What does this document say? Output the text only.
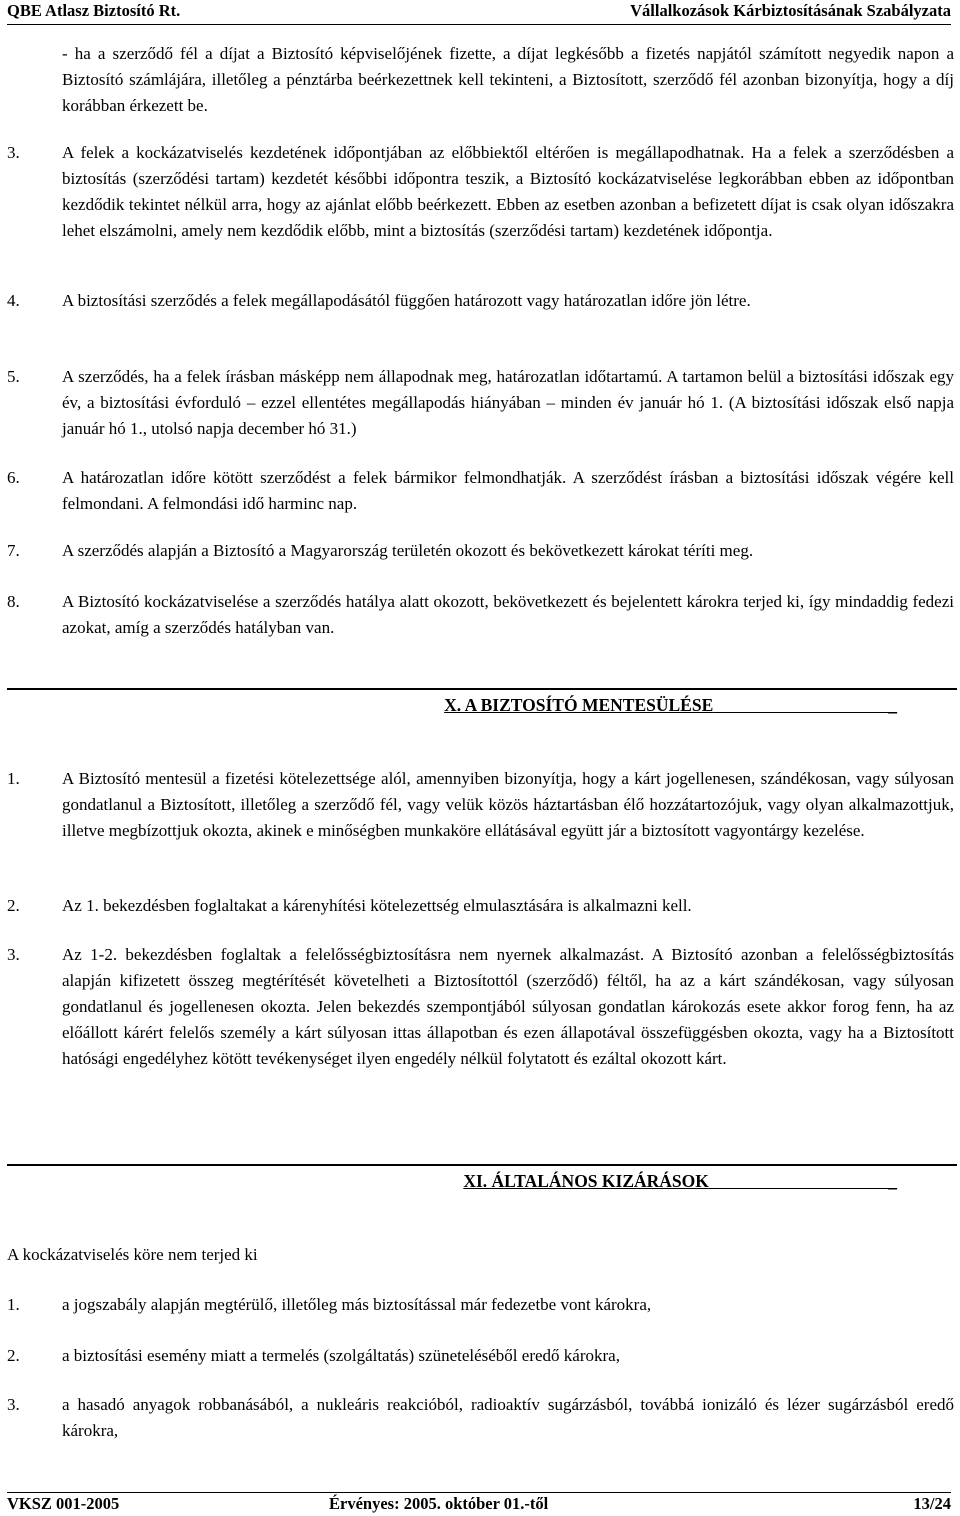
QBE Atlasz Biztosító Rt.	Vállalkozások Kárbiztosításának Szabályzata
- ha a szerződő fél a díjat a Biztosító képviselőjének fizette, a díjat legkésőbb a fizetés napjától számított negyedik napon a Biztosító számlájára, illetőleg a pénztárba beérkezettnek kell tekinteni, a Biztosított, szerződő fél azonban bizonyítja, hogy a díj korábban érkezett be.
3. A felek a kockázatviselés kezdetének időpontjában az előbbiektől eltérően is megállapodhatnak. Ha a felek a szerződésben a biztosítás (szerződési tartam) kezdetét későbbi időpontra teszik, a Biztosító kockázatviselése legkorábban ebben az időpontban kezdődik tekintet nélkül arra, hogy az ajánlat előbb beérkezett. Ebben az esetben azonban a befizetett díjat is csak olyan időszakra lehet elszámolni, amely nem kezdődik előbb, mint a biztosítás (szerződési tartam) kezdetének időpontja.
4. A biztosítási szerződés a felek megállapodásától függően határozott vagy határozatlan időre jön létre.
5. A szerződés, ha a felek írásban másképp nem állapodnak meg, határozatlan időtartamú. A tartamon belül a biztosítási időszak egy év, a biztosítási évforduló – ezzel ellentétes megállapodás hiányában – minden év január hó 1. (A biztosítási időszak első napja január hó 1., utolsó napja december hó 31.)
6. A határozatlan időre kötött szerződést a felek bármikor felmondhatják. A szerződést írásban a biztosítási időszak végére kell felmondani. A felmondási idő harminc nap.
7. A szerződés alapján a Biztosító a Magyarország területén okozott és bekövetkezett károkat téríti meg.
8. A Biztosító kockázatviselése a szerződés hatálya alatt okozott, bekövetkezett és bejelentett károkra terjed ki, így mindaddig fedezi azokat, amíg a szerződés hatályban van.
X. A BIZTOSÍTÓ MENTESÜLÉSE                                        _
1. A Biztosító mentesül a fizetési kötelezettsége alól, amennyiben bizonyítja, hogy a kárt jogellenesen, szándékosan, vagy súlyosan gondatlanul a Biztosított, illetőleg a szerződő fél, vagy velük közös háztartásban élő hozzátartozójuk, vagy olyan alkalmazottjuk, illetve megbízottjuk okozta, akinek e minőségben munkaköre ellátásával együtt jár a biztosított vagyontárgy kezelése.
2. Az 1. bekezdésben foglaltakat a kárenyhítési kötelezettség elmulasztására is alkalmazni kell.
3. Az 1-2. bekezdésben foglaltak a felelősségbiztosításra nem nyernek alkalmazást. A Biztosító azonban a felelősségbiztosítás alapján kifizetett összeg megtérítését követelheti a Biztosítottól (szerződő) féltől, ha az a kárt szándékosan, vagy súlyosan gondatlanul és jogellenesen okozta. Jelen bekezdés szempontjából súlyosan gondatlan károkozás esete akkor forog fenn, ha az előállott kárért felelős személy a kárt súlyosan ittas állapotban és ezen állapotával összefüggésben okozta, vagy ha a Biztosított hatósági engedélyhez kötött tevékenységet ilyen engedély nélkül folytatott és ezáltal okozott kárt.
XI. ÁLTALÁNOS KIZÁRÁSOK                                         _
A kockázatviselés köre nem terjed ki
1. a jogszabály alapján megtérülő, illetőleg más biztosítással már fedezetbe vont károkra,
2. a biztosítási esemény miatt a termelés (szolgáltatás) szüneteléséből eredő károkra,
3. a hasadó anyagok robbanásából, a nukleáris reakcióból, radioaktív sugárzásból, továbbá ionizáló és lézer sugárzásból eredő károkra,
VKSZ 001-2005	Érvényes: 2005. október 01.-től	13/24
